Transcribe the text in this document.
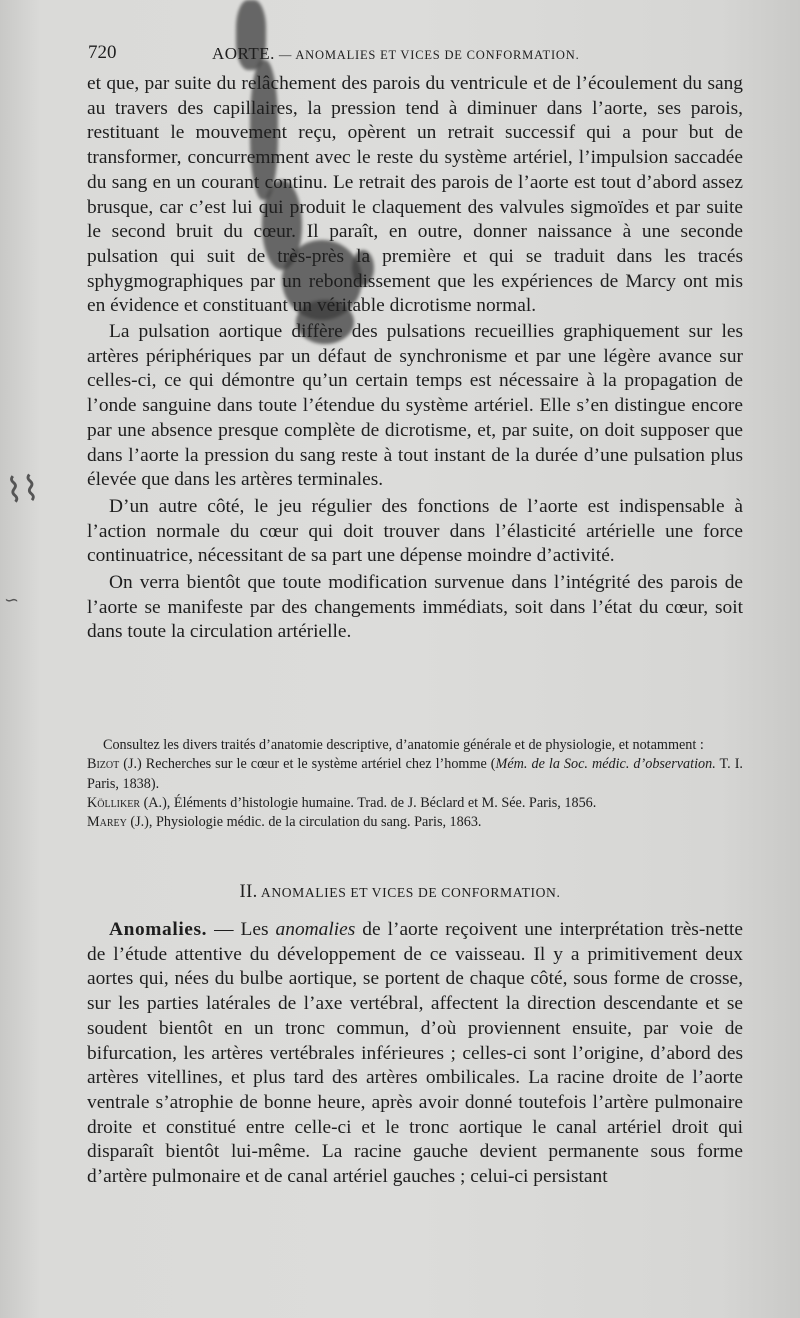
⌇⌇
∽
720	AORTE. — ANOMALIES ET VICES DE CONFORMATION.

et que, par suite du relâchement des parois du ventricule et de l’écoulement du sang au travers des capillaires, la pression tend à diminuer dans l’aorte, ses parois, restituant le mouvement reçu, opèrent un retrait successif qui a pour but de transformer, concurremment avec le reste du système artériel, l’impulsion saccadée du sang en un courant continu. Le retrait des parois de l’aorte est tout d’abord assez brusque, car c’est lui qui produit le claquement des valvules sigmoïdes et par suite le second bruit du cœur. Il paraît, en outre, donner naissance à une seconde pulsation qui suit de très-près la première et qui se traduit dans les tracés sphygmographiques par un rebondissement que les expériences de Marcy ont mis en évidence et constituant un véritable dicrotisme normal.

La pulsation aortique diffère des pulsations recueillies graphiquement sur les artères périphériques par un défaut de synchronisme et par une légère avance sur celles-ci, ce qui démontre qu’un certain temps est nécessaire à la propagation de l’onde sanguine dans toute l’étendue du système artériel. Elle s’en distingue encore par une absence presque complète de dicrotisme, et, par suite, on doit supposer que dans l’aorte la pression du sang reste à tout instant de la durée d’une pulsation plus élevée que dans les artères terminales.

D’un autre côté, le jeu régulier des fonctions de l’aorte est indispensable à l’action normale du cœur qui doit trouver dans l’élasticité artérielle une force continuatrice, nécessitant de sa part une dépense moindre d’activité.

On verra bientôt que toute modification survenue dans l’intégrité des parois de l’aorte se manifeste par des changements immédiats, soit dans l’état du cœur, soit dans toute la circulation artérielle.

Consultez les divers traités d’anatomie descriptive, d’anatomie générale et de physiologie, et notamment :

Bizot (J.) Recherches sur le cœur et le système artériel chez l’homme (Mém. de la Soc. médic. d’observation. T. I. Paris, 1838).

Kölliker (A.), Éléments d’histologie humaine. Trad. de J. Béclard et M. Sée. Paris, 1856.

Marey (J.), Physiologie médic. de la circulation du sang. Paris, 1863.

II. ANOMALIES ET VICES DE CONFORMATION.

Anomalies. — Les anomalies de l’aorte reçoivent une interprétation très-nette de l’étude attentive du développement de ce vaisseau. Il y a primitivement deux aortes qui, nées du bulbe aortique, se portent de chaque côté, sous forme de crosse, sur les parties latérales de l’axe vertébral, affectent la direction descendante et se soudent bientôt en un tronc commun, d’où proviennent ensuite, par voie de bifurcation, les artères vertébrales inférieures ; celles-ci sont l’origine, d’abord des artères vitellines, et plus tard des artères ombilicales. La racine droite de l’aorte ventrale s’atrophie de bonne heure, après avoir donné toutefois l’artère pulmonaire droite et constitué entre celle-ci et le tronc aortique le canal artériel droit qui disparaît bientôt lui-même. La racine gauche devient permanente sous forme d’artère pulmonaire et de canal artériel gauches ; celui-ci persistant
